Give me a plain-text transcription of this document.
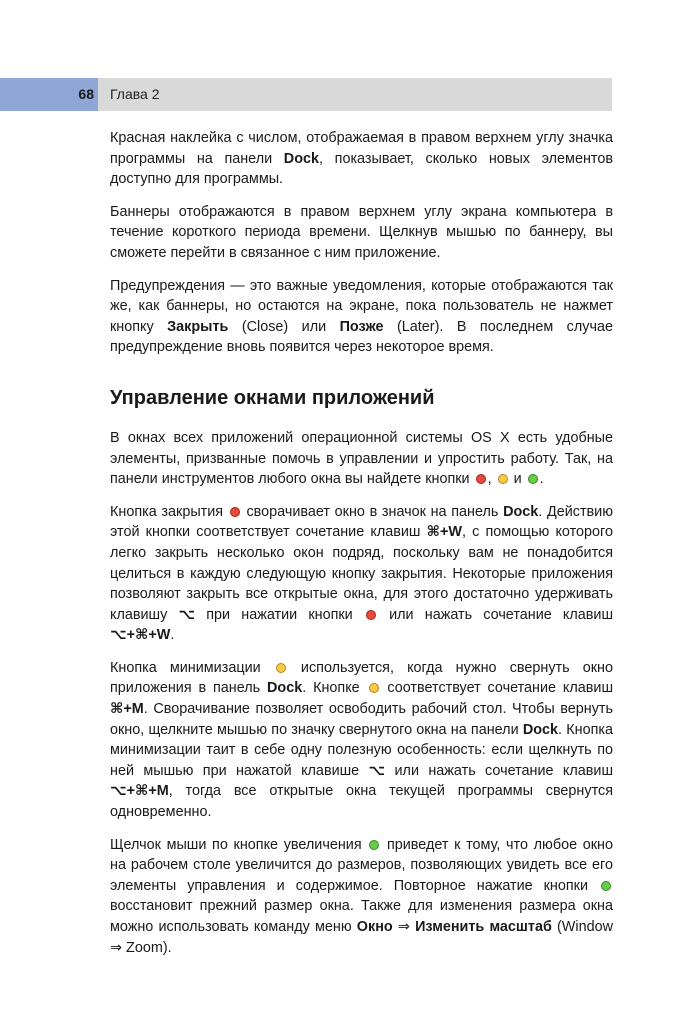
68 Глава 2

Красная наклейка с числом, отображаемая в правом верхнем углу значка программы на панели Dock, показывает, сколько новых элементов доступно для программы.

Баннеры отображаются в правом верхнем углу экрана компьютера в течение короткого периода времени. Щелкнув мышью по баннеру, вы сможете перейти в связанное с ним приложение.

Предупреждения — это важные уведомления, которые отображаются так же, как баннеры, но остаются на экране, пока пользователь не нажмет кнопку Закрыть (Close) или Позже (Later). В последнем случае предупреждение вновь появится через некоторое время.

Управление окнами приложений

В окнах всех приложений операционной системы OS X есть удобные элементы, призванные помочь в управлении и упростить работу. Так, на панели инструментов любого окна вы найдете кнопки , и .

Кнопка закрытия  сворачивает окно в значок на панель Dock. Действию этой кнопки соответствует сочетание клавиш ⌘+W, с помощью которого легко закрыть несколько окон подряд, поскольку вам не понадобится целиться в каждую следующую кнопку закрытия. Некоторые приложения позволяют закрыть все открытые окна, для этого достаточно удерживать клавишу ⌥ при нажатии кнопки  или нажать сочетание клавиш ⌥+⌘+W.

Кнопка минимизации  используется, когда нужно свернуть окно приложения в панель Dock. Кнопке  соответствует сочетание клавиш ⌘+M. Сворачивание позволяет освободить рабочий стол. Чтобы вернуть окно, щелкните мышью по значку свернутого окна на панели Dock. Кнопка минимизации таит в себе одну полезную особенность: если щелкнуть по ней мышью при нажатой клавише ⌥ или нажать сочетание клавиш ⌥+⌘+M, тогда все открытые окна текущей программы свернутся одновременно.

Щелчок мыши по кнопке увеличения  приведет к тому, что любое окно на рабочем столе увеличится до размеров, позволяющих увидеть все его элементы управления и содержимое. Повторное нажатие кнопки  восстановит прежний размер окна. Также для изменения размера окна можно использовать команду меню Окно ⇒ Изменить масштаб (Window ⇒ Zoom).
